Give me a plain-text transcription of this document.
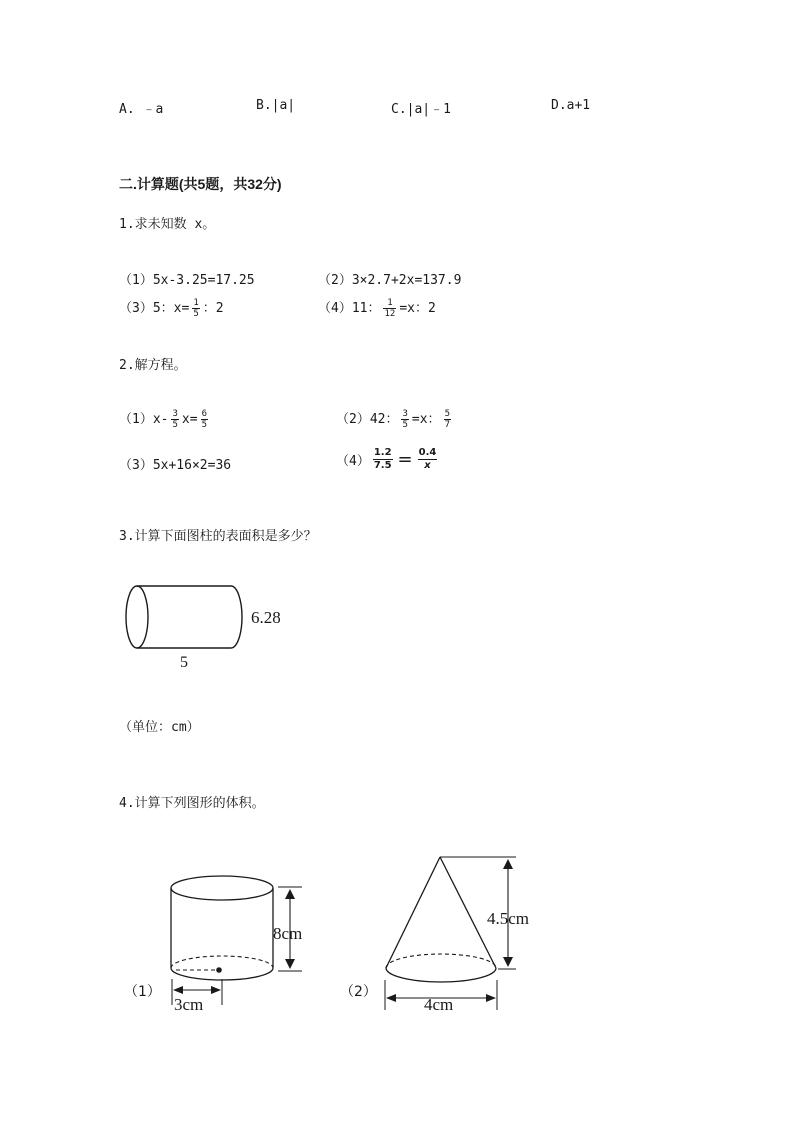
A. ﹣a	B.|a|	C.|a|﹣1	D.a+1
二.计算题(共5题，共32分)
1.求未知数 x。
（1）5x-3.25=17.25	（2）3×2.7+2x=137.9
（3）5：$x= \frac{1}{5}$ ：2	（4）11： $\frac{1}{12} =x$：2
2.解方程。
$(1)x- \frac{3}{5} x= \frac{6}{5}$	（2）42： $\frac{3}{5} =x$： $\frac{5}{7}$
（3）5x+16×2=36	$(4) \frac{1.2}{7.5} = \frac{0.4}{x}$
3.计算下面图柱的表面积是多少？
6.28
5
（单位：cm）
4.计算下列图形的体积。
（1）
8cm
3cm
（2）
4.5cm
4cm
